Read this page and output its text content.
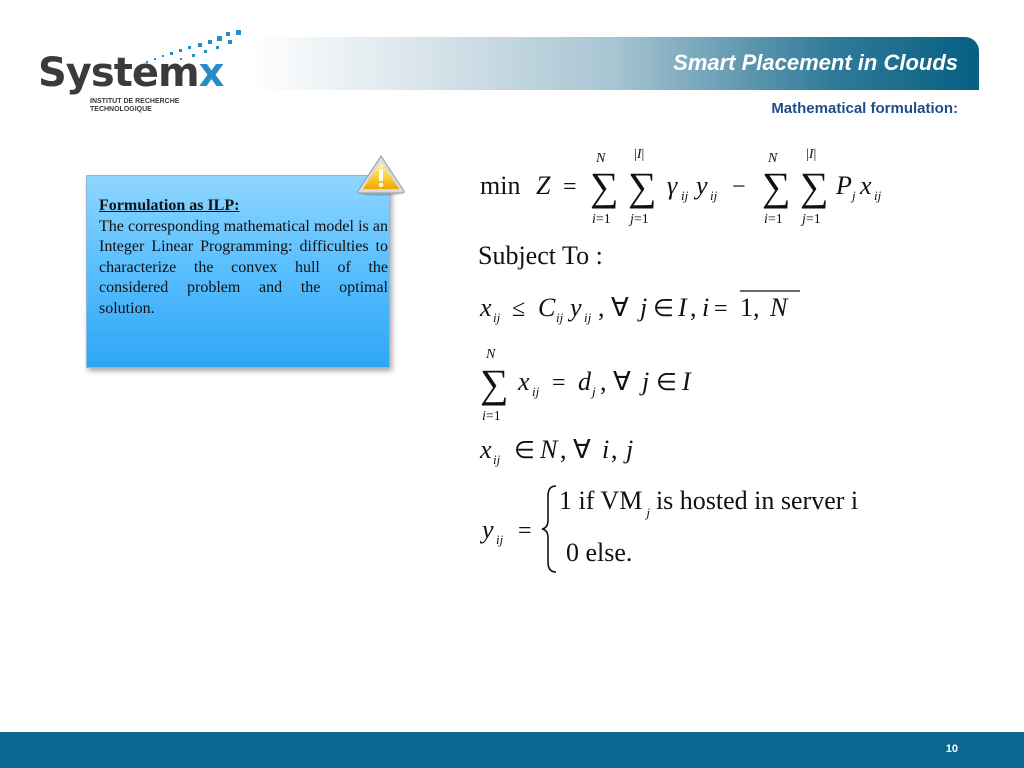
Systemx
INSTITUT DE RECHERCHE
TECHNOLOGIQUE
Smart Placement in Clouds
Mathematical formulation:
Formulation as ILP:
The corresponding mathematical model is an Integer Linear Programming: difficulties to characterize the convex hull of the considered problem and the optimal solution.
min Z =
N
∑
i=1
|I|
∑
j=1
γ ij y ij −
N
∑
i=1
|I|
∑
j=1
P j x ij
Subject To :
x ij ≤ C ij y ij , ∀ j ∈ I , i = 1, N
N
∑
i=1
x ij = d j , ∀ j ∈ I
x ij ∈ N , ∀ i , j
y ij =
1 if VM $_j$ is hosted in server i
0 else.
10
